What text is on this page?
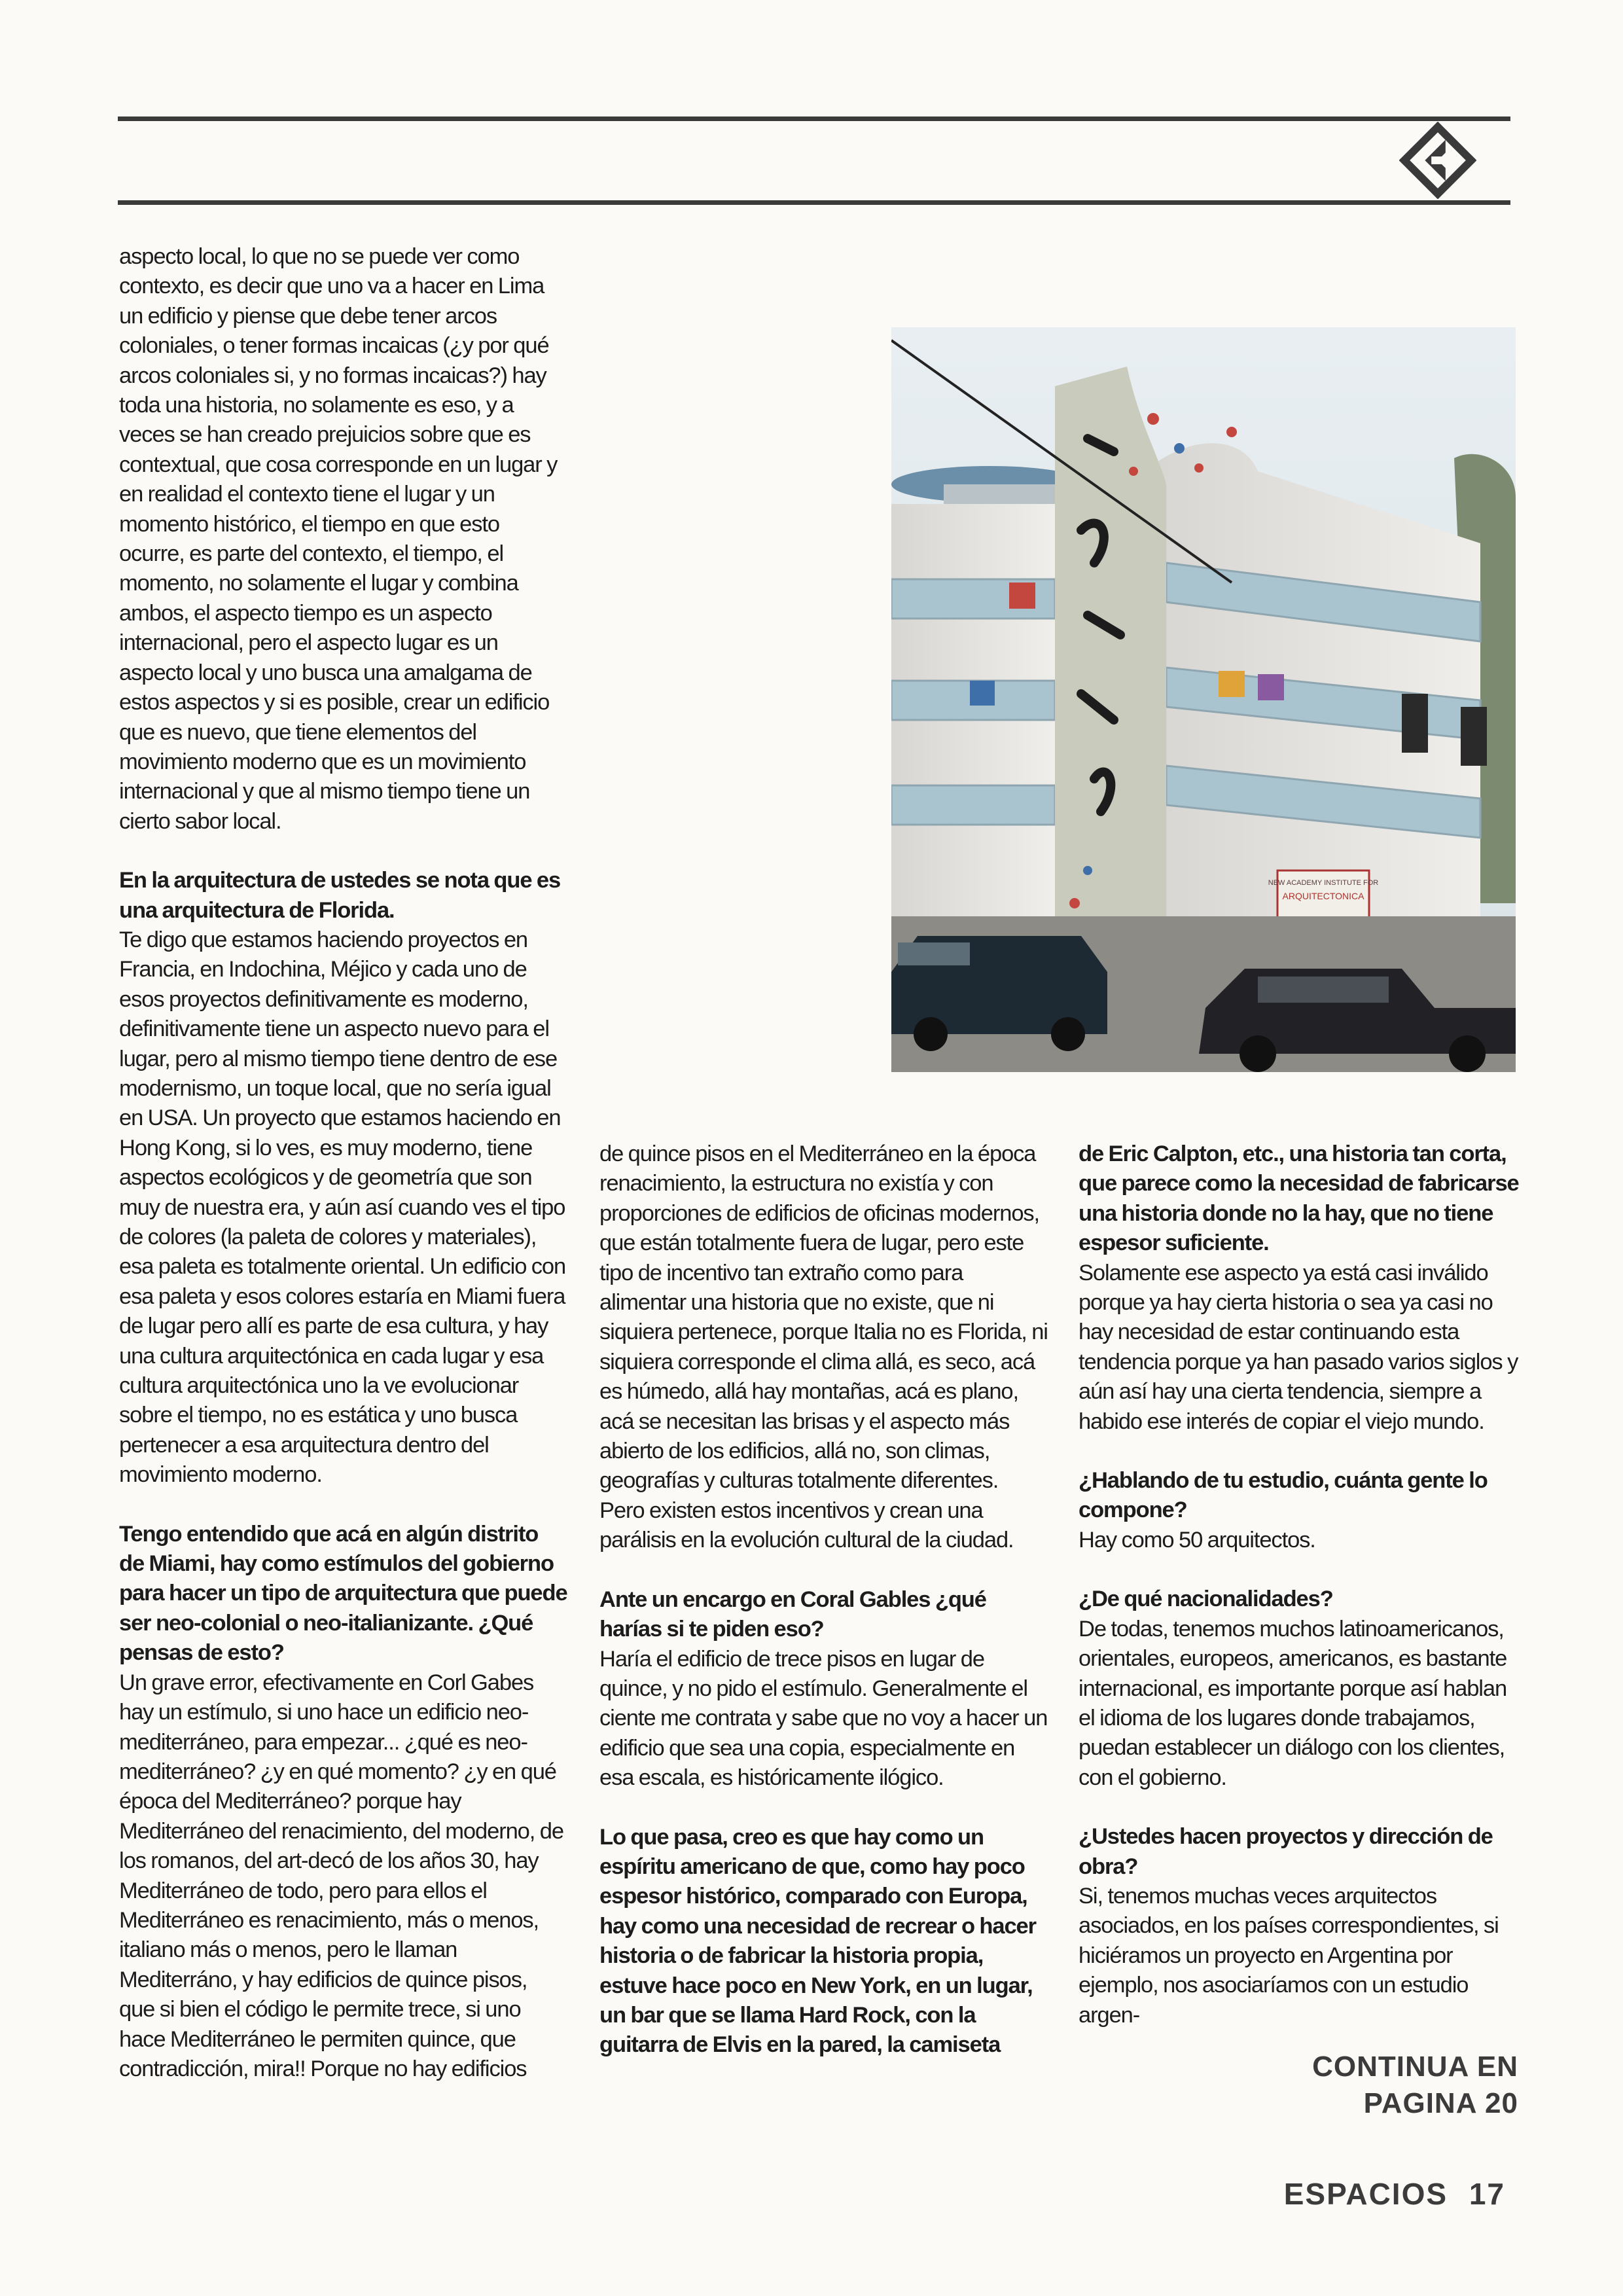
aspecto local, lo que no se puede ver como contexto, es decir que uno va a hacer en Lima un edificio y piense que debe tener arcos coloniales, o tener formas incaicas (¿y por qué arcos coloniales si, y no formas incaicas?) hay toda una historia, no solamente es eso, y a veces se han creado prejuicios sobre que es contextual, que cosa corresponde en un lugar y en realidad el contexto tiene el lugar y un momento histórico, el tiempo en que esto ocurre, es parte del contexto, el tiempo, el momento, no solamente el lugar y combina ambos, el aspecto tiempo es un aspecto internacional, pero el aspecto lugar es un aspecto local y uno busca una amalgama de estos aspectos y si es posible, crear un edificio que es nuevo, que tiene elementos del movimiento moderno que es un movimiento internacional y que al mismo tiempo tiene un cierto sabor local.

En la arquitectura de ustedes se nota que es una arquitectura de Florida.
Te digo que estamos haciendo proyectos en Francia, en Indochina, Méjico y cada uno de esos proyectos definitivamente es moderno, definitivamente tiene un aspecto nuevo para el lugar, pero al mismo tiempo tiene dentro de ese modernismo, un toque local, que no sería igual en USA. Un proyecto que estamos haciendo en Hong Kong, si lo ves, es muy moderno, tiene aspectos ecológicos y de geometría que son muy de nuestra era, y aún así cuando ves el tipo de colores (la paleta de colores y materiales), esa paleta es totalmente oriental. Un edificio con esa paleta y esos colores estaría en Miami fuera de lugar pero allí es parte de esa cultura, y hay una cultura arquitectónica en cada lugar y esa cultura arquitectónica uno la ve evolucionar sobre el tiempo, no es estática y uno busca pertenecer a esa arquitectura dentro del movimiento moderno.

Tengo entendido que acá en algún distrito de Miami, hay como estímulos del gobierno para hacer un tipo de arquitectura que puede ser neo-colonial o neo-italianizante. ¿Qué pensas de esto?
Un grave error, efectivamente en Corl Gabes hay un estímulo, si uno hace un edificio neo-mediterráneo, para empezar... ¿qué es neo-mediterráneo? ¿y en qué momento? ¿y en qué época del Mediterráneo? porque hay Mediterráneo del renacimiento, del moderno, de los romanos, del art-decó de los años 30, hay Mediterráneo de todo, pero para ellos el Mediterráneo es renacimiento, más o menos, italiano más o menos, pero le llaman Mediterráno, y hay edificios de quince pisos, que si bien el código le permite trece, si uno hace Mediterráneo le permiten quince, que contradicción, mira!! Porque no hay edificios

NEW ACADEMY INSTITUTE FOR
ARQUITECTONICA

de quince pisos en el Mediterráneo en la época renacimiento, la estructura no existía y con proporciones de edificios de oficinas modernos, que están totalmente fuera de lugar, pero este tipo de incentivo tan extraño como para alimentar una historia que no existe, que ni siquiera pertenece, porque Italia no es Florida, ni siquiera corresponde el clima allá, es seco, acá es húmedo, allá hay montañas, acá es plano, acá se necesitan las brisas y el aspecto más abierto de los edificios, allá no, son climas, geografías y culturas totalmente diferentes. Pero existen estos incentivos y crean una parálisis en la evolución cultural de la ciudad.

Ante un encargo en Coral Gables ¿qué harías si te piden eso?
Haría el edificio de trece pisos en lugar de quince, y no pido el estímulo. Generalmente el ciente me contrata y sabe que no voy a hacer un edificio que sea una copia, especialmente en esa escala, es históricamente ilógico.

Lo que pasa, creo es que hay como un espíritu americano de que, como hay poco espesor histórico, comparado con Europa, hay como una necesidad de recrear o hacer historia o de fabricar la historia propia, estuve hace poco en New York, en un lugar, un bar que se llama Hard Rock, con la guitarra de Elvis en la pared, la camiseta

de Eric Calpton, etc., una historia tan corta, que parece como la necesidad de fabricarse una historia donde no la hay, que no tiene espesor suficiente.
Solamente ese aspecto ya está casi inválido porque ya hay cierta historia o sea ya casi no hay necesidad de estar continuando esta tendencia porque ya han pasado varios siglos y aún así hay una cierta tendencia, siempre a habido ese interés de copiar el viejo mundo.

¿Hablando de tu estudio, cuánta gente lo compone?
Hay como 50 arquitectos.

¿De qué nacionalidades?
De todas, tenemos muchos latinoamericanos, orientales, europeos, americanos, es bastante internacional, es importante porque así hablan el idioma de los lugares donde trabajamos, puedan establecer un diálogo con los clientes, con el gobierno.

¿Ustedes hacen proyectos y dirección de obra?
Si, tenemos muchas veces arquitectos asociados, en los países correspondientes, si hiciéramos un proyecto en Argentina por ejemplo, nos asociaríamos con un estudio argen-

CONTINUA EN
PAGINA 20
ESPACIOS 17
